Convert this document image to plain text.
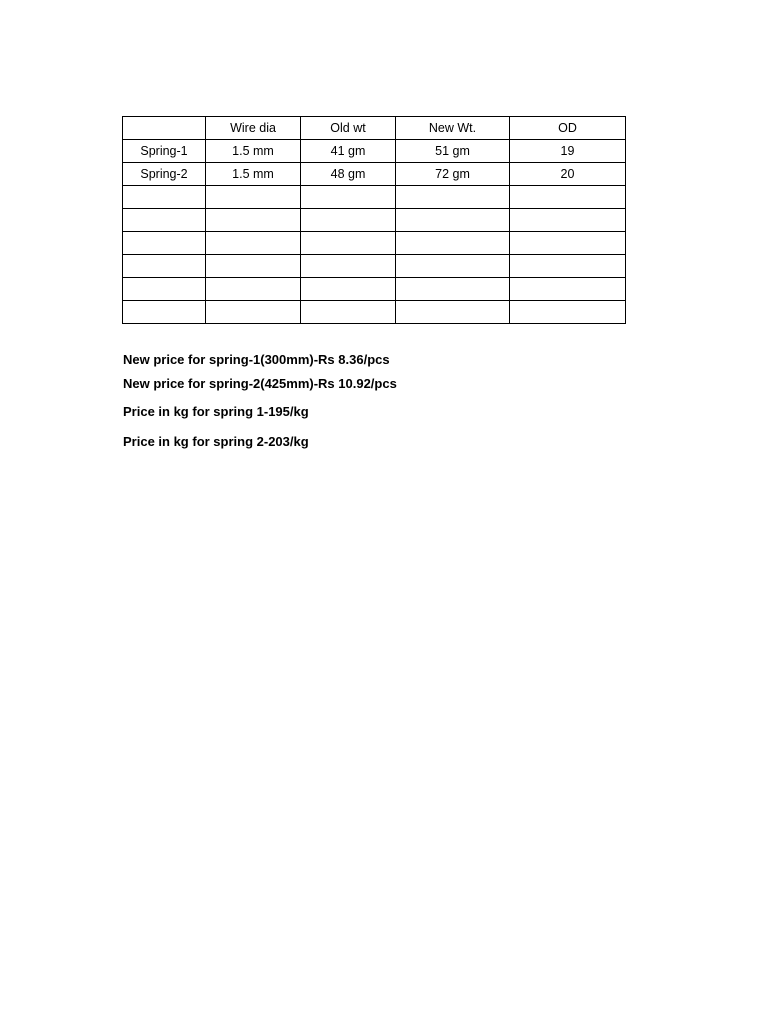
	Wire dia	Old wt	New Wt.	OD
Spring-1	1.5 mm	41 gm	51 gm	19
Spring-2	1.5 mm	48 gm	72 gm	20

New price for spring-1(300mm)-Rs 8.36/pcs
New price for spring-2(425mm)-Rs 10.92/pcs
Price in kg for spring 1-195/kg
Price in kg for spring 2-203/kg
